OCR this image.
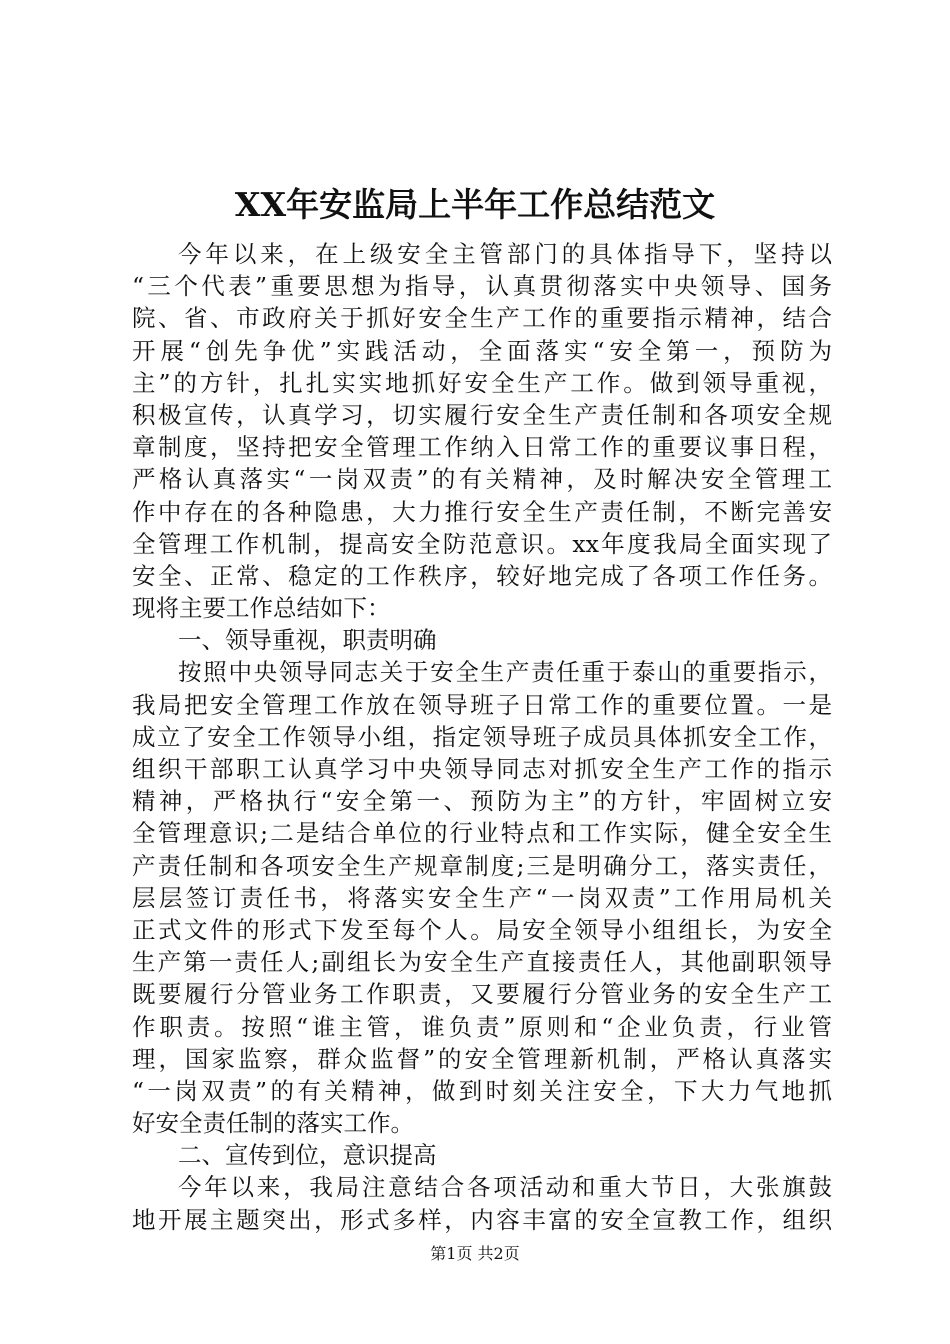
XX年安监局上半年工作总结范文
今年以来，在上级安全主管部门的具体指导下，坚持以
“三个代表”重要思想为指导，认真贯彻落实中央领导、国务
院、省、市政府关于抓好安全生产工作的重要指示精神，结合
开展“创先争优”实践活动，全面落实“安全第一，预防为
主”的方针，扎扎实实地抓好安全生产工作。做到领导重视，
积极宣传，认真学习，切实履行安全生产责任制和各项安全规
章制度，坚持把安全管理工作纳入日常工作的重要议事日程，
严格认真落实“一岗双责”的有关精神，及时解决安全管理工
作中存在的各种隐患，大力推行安全生产责任制，不断完善安
全管理工作机制，提高安全防范意识。xx年度我局全面实现了
安全、正常、稳定的工作秩序，较好地完成了各项工作任务。
现将主要工作总结如下：
一、领导重视，职责明确
按照中央领导同志关于安全生产责任重于泰山的重要指示，
我局把安全管理工作放在领导班子日常工作的重要位置。一是
成立了安全工作领导小组，指定领导班子成员具体抓安全工作，
组织干部职工认真学习中央领导同志对抓安全生产工作的指示
精神，严格执行“安全第一、预防为主”的方针，牢固树立安
全管理意识;二是结合单位的行业特点和工作实际，健全安全生
产责任制和各项安全生产规章制度;三是明确分工，落实责任，
层层签订责任书，将落实安全生产“一岗双责”工作用局机关
正式文件的形式下发至每个人。局安全领导小组组长，为安全
生产第一责任人;副组长为安全生产直接责任人，其他副职领导
既要履行分管业务工作职责，又要履行分管业务的安全生产工
作职责。按照“谁主管，谁负责”原则和“企业负责，行业管
理，国家监察，群众监督”的安全管理新机制，严格认真落实
“一岗双责”的有关精神，做到时刻关注安全，下大力气地抓
好安全责任制的落实工作。
二、宣传到位，意识提高
今年以来，我局注意结合各项活动和重大节日，大张旗鼓
地开展主题突出，形式多样，内容丰富的安全宣教工作，组织
第1页 共2页
